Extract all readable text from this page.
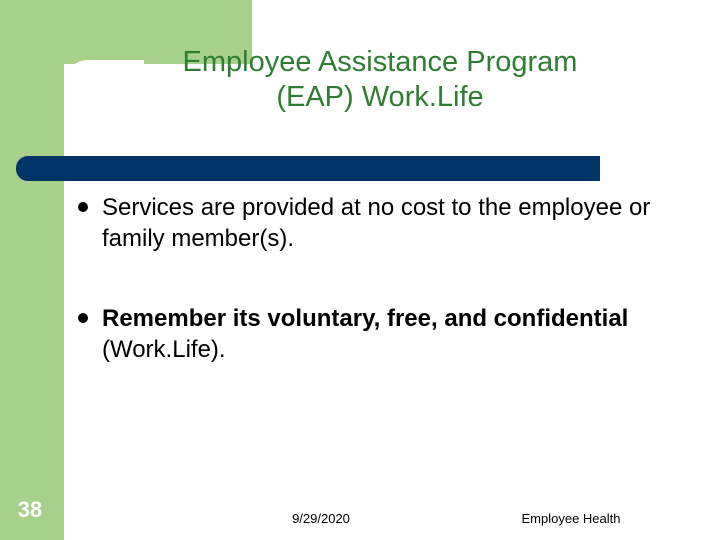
Employee Assistance Program
(EAP) Work.Life
Services are provided at no cost to the employee or family member(s).
Remember its voluntary, free, and confidential (Work.Life).
38	9/29/2020	Employee Health
